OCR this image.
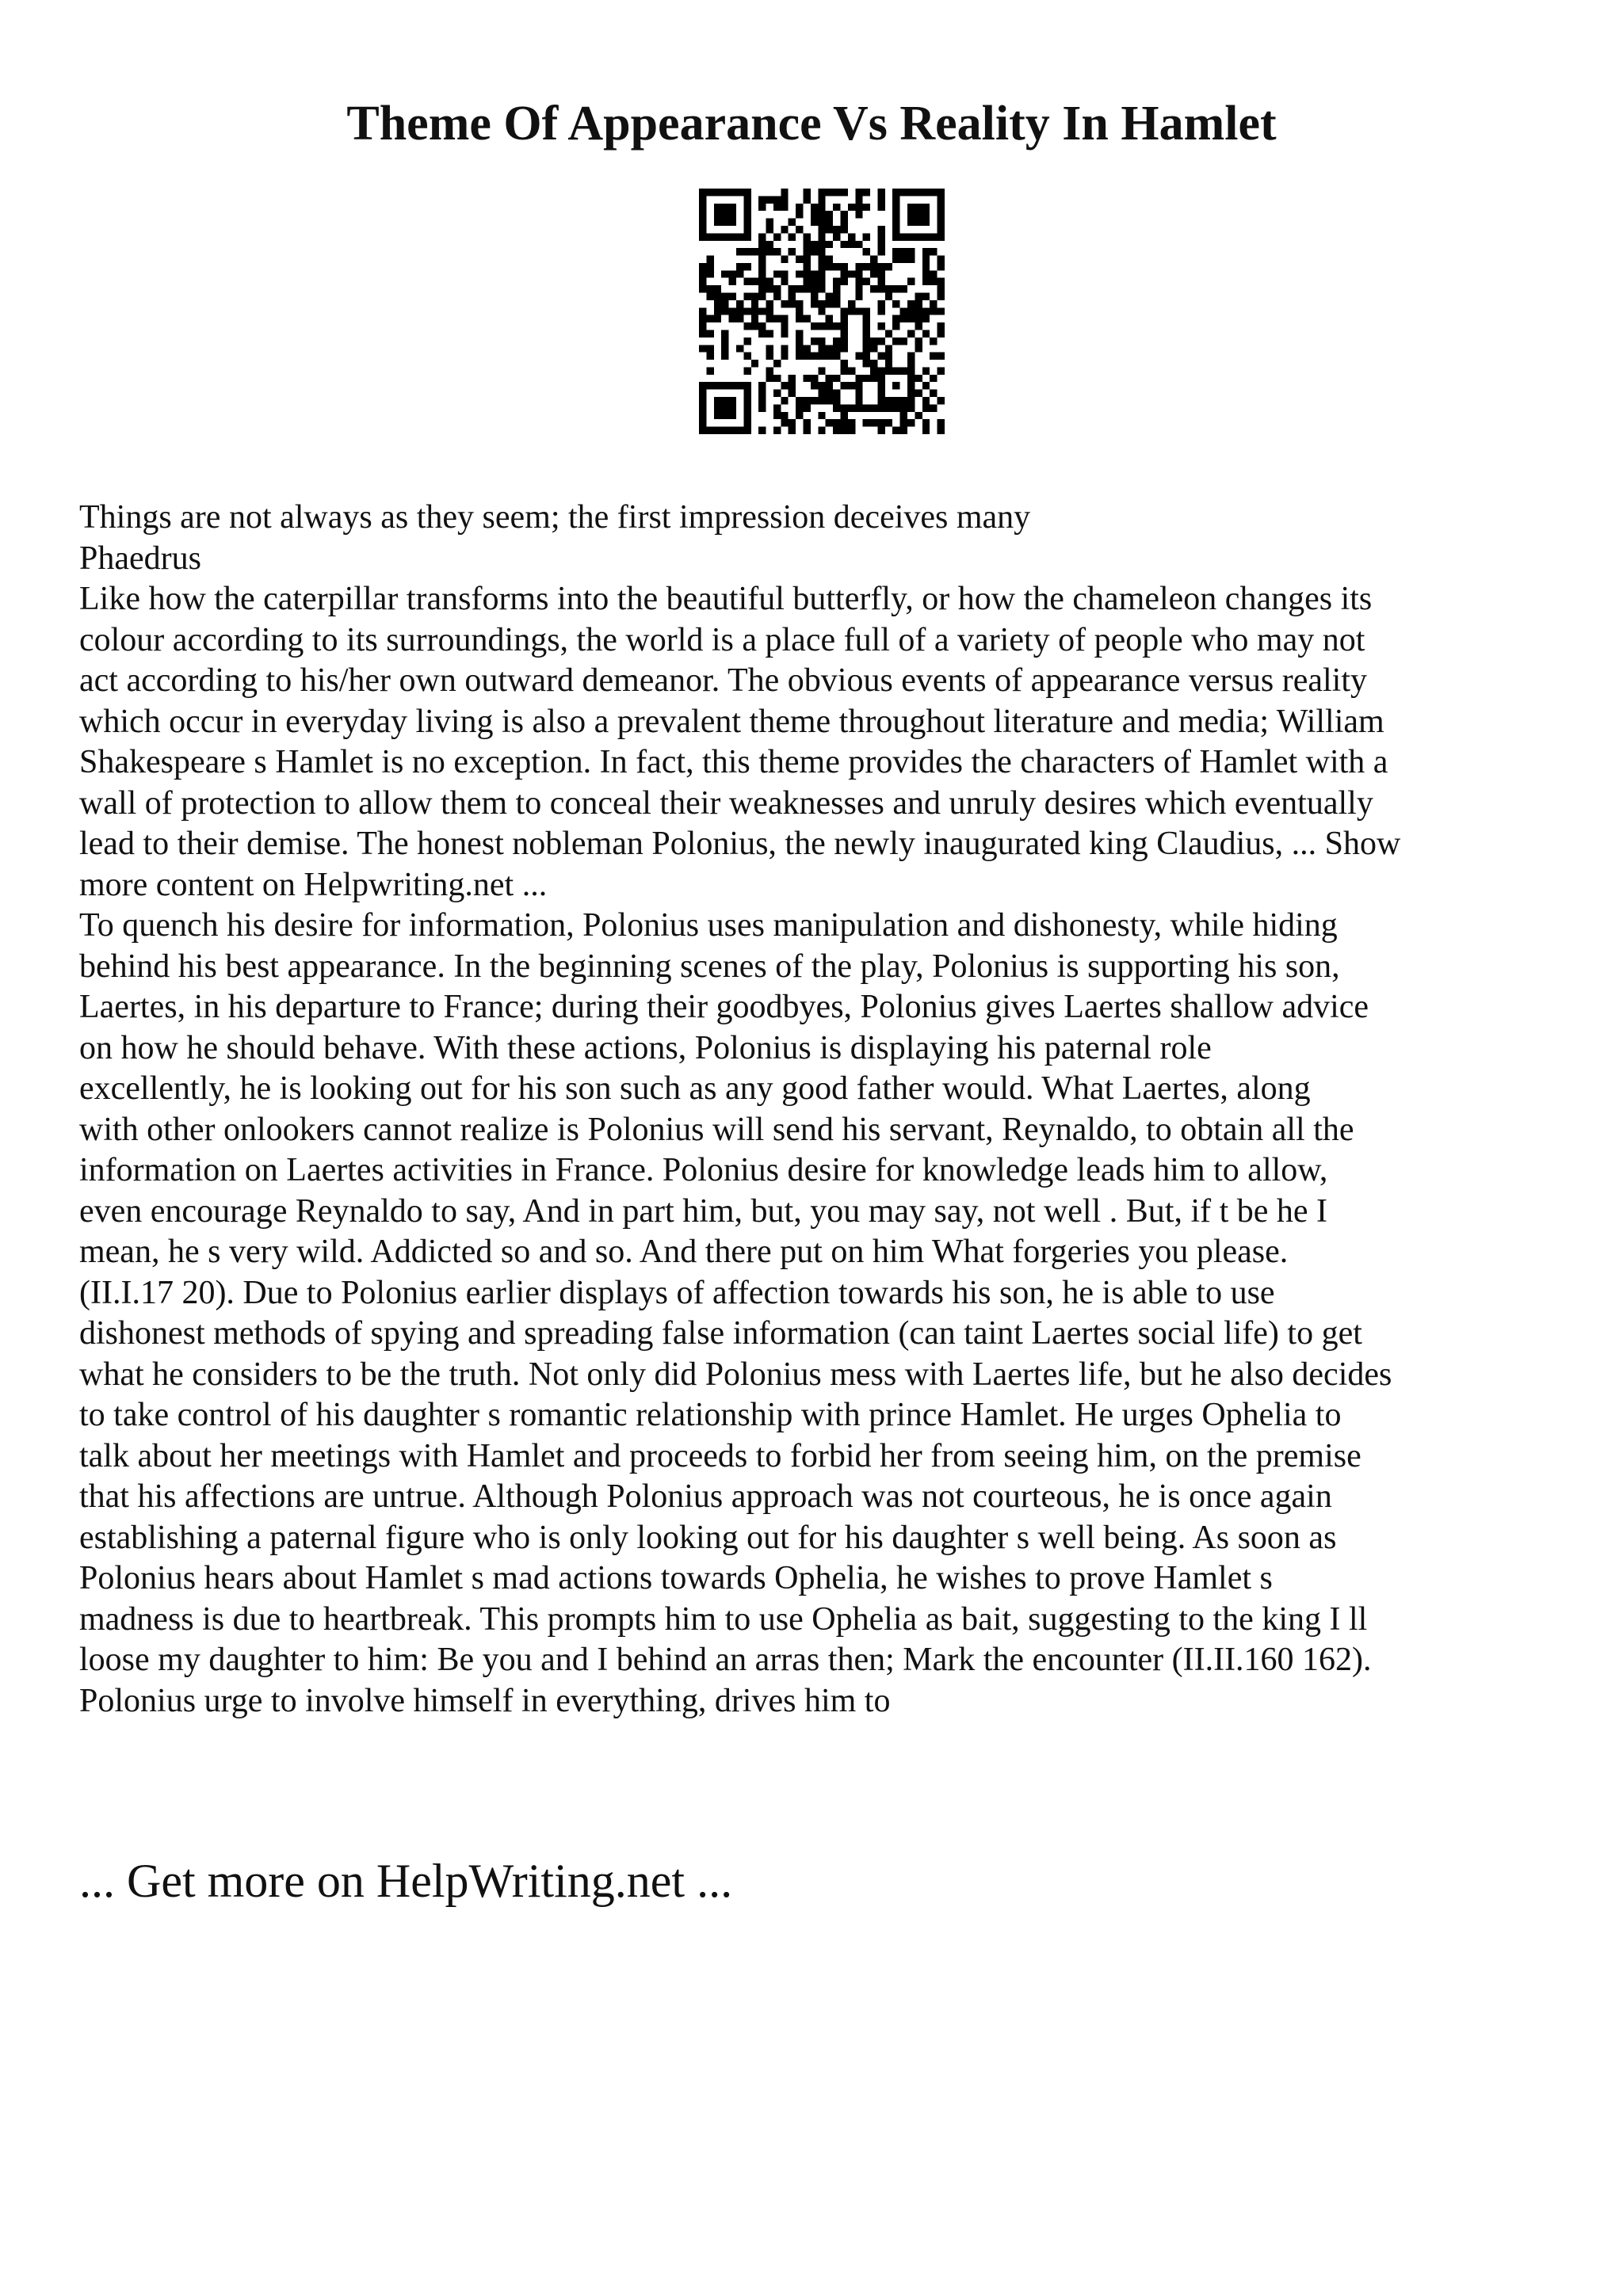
Theme Of Appearance Vs Reality In Hamlet
Things are not always as they seem; the first impression deceives many
Phaedrus
Like how the caterpillar transforms into the beautiful butterfly, or how the chameleon changes its
colour according to its surroundings, the world is a place full of a variety of people who may not
act according to his/her own outward demeanor. The obvious events of appearance versus reality
which occur in everyday living is also a prevalent theme throughout literature and media; William
Shakespeare s Hamlet is no exception. In fact, this theme provides the characters of Hamlet with a
wall of protection to allow them to conceal their weaknesses and unruly desires which eventually
lead to their demise. The honest nobleman Polonius, the newly inaugurated king Claudius, ... Show
more content on Helpwriting.net ...
To quench his desire for information, Polonius uses manipulation and dishonesty, while hiding
behind his best appearance. In the beginning scenes of the play, Polonius is supporting his son,
Laertes, in his departure to France; during their goodbyes, Polonius gives Laertes shallow advice
on how he should behave. With these actions, Polonius is displaying his paternal role
excellently, he is looking out for his son such as any good father would. What Laertes, along
with other onlookers cannot realize is Polonius will send his servant, Reynaldo, to obtain all the
information on Laertes activities in France. Polonius desire for knowledge leads him to allow,
even encourage Reynaldo to say, And in part him, but, you may say, not well . But, if t be he I
mean, he s very wild. Addicted so and so. And there put on him What forgeries you please.
(II.I.17 20). Due to Polonius earlier displays of affection towards his son, he is able to use
dishonest methods of spying and spreading false information (can taint Laertes social life) to get
what he considers to be the truth. Not only did Polonius mess with Laertes life, but he also decides
to take control of his daughter s romantic relationship with prince Hamlet. He urges Ophelia to
talk about her meetings with Hamlet and proceeds to forbid her from seeing him, on the premise
that his affections are untrue. Although Polonius approach was not courteous, he is once again
establishing a paternal figure who is only looking out for his daughter s well being. As soon as
Polonius hears about Hamlet s mad actions towards Ophelia, he wishes to prove Hamlet s
madness is due to heartbreak. This prompts him to use Ophelia as bait, suggesting to the king I ll
loose my daughter to him: Be you and I behind an arras then; Mark the encounter (II.II.160 162).
Polonius urge to involve himself in everything, drives him to
... Get more on HelpWriting.net ...
